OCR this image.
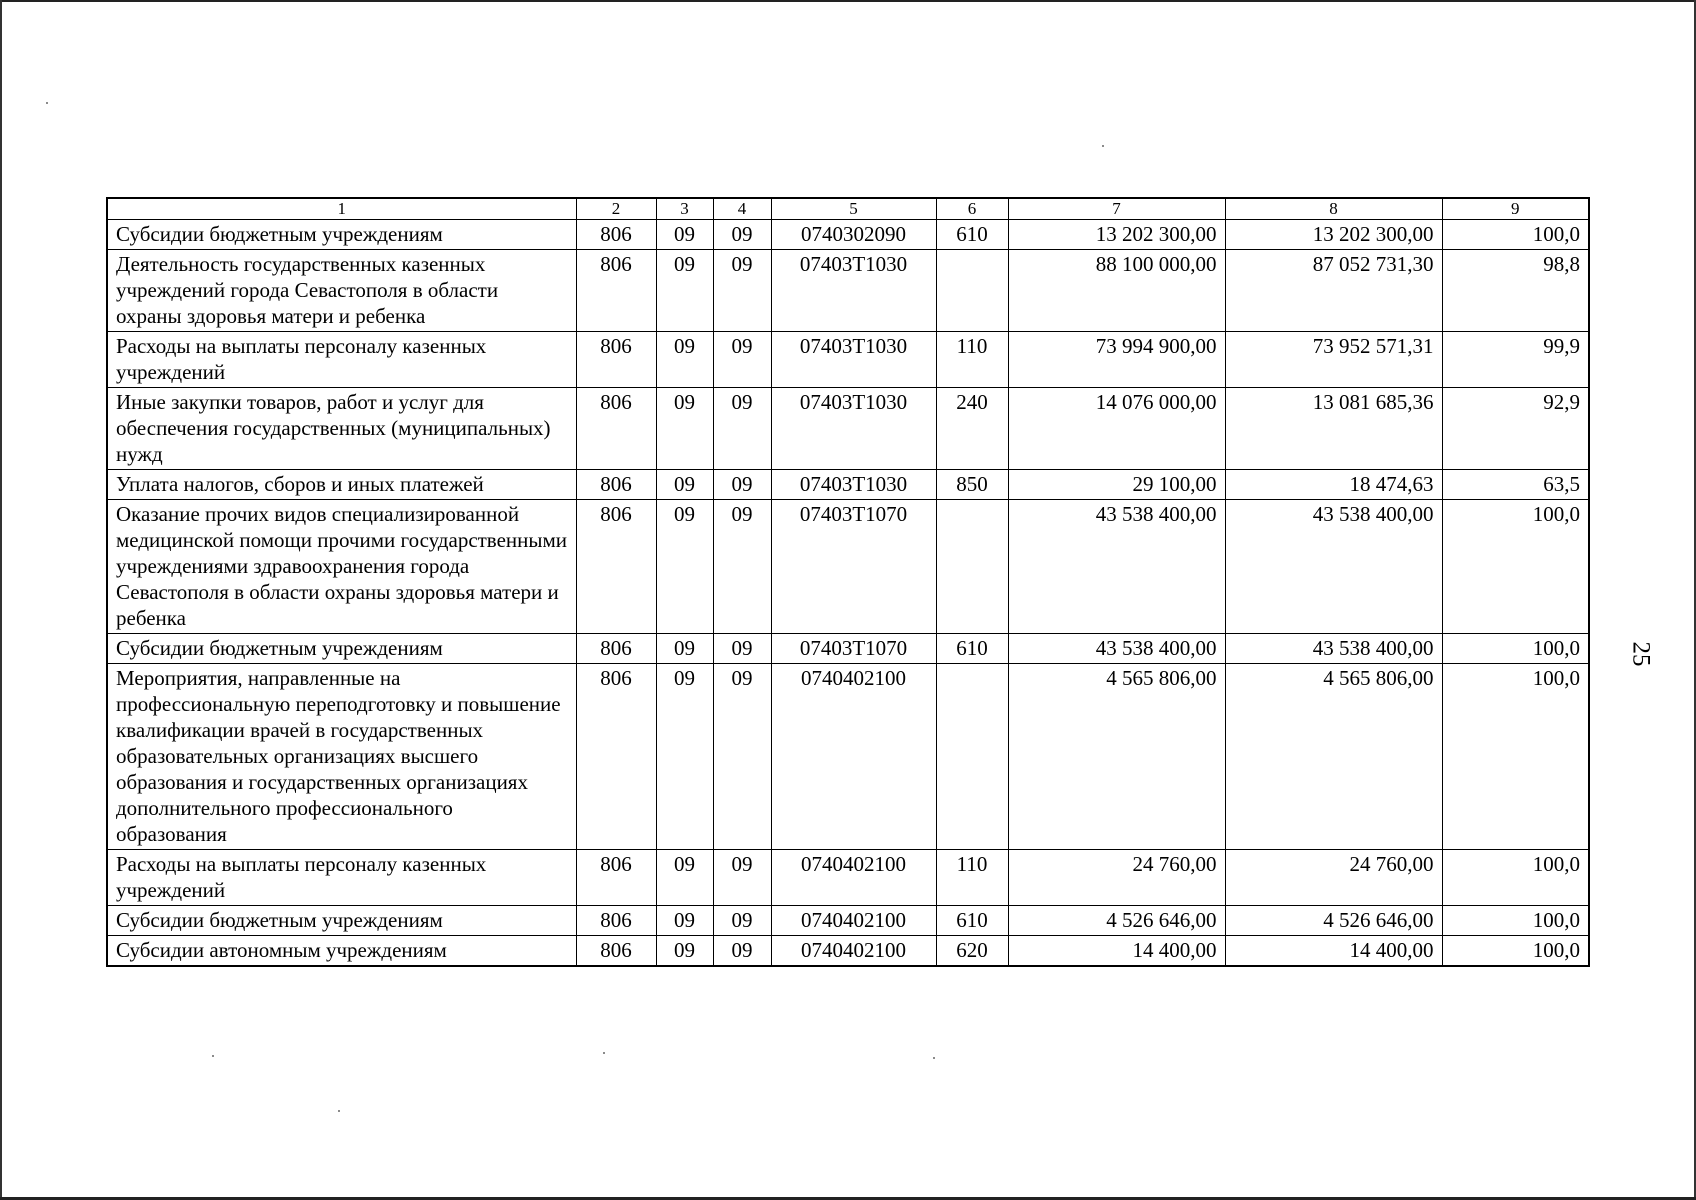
25
1	2	3	4	5	6	7	8	9
Субсидии бюджетным учреждениям	806	09	09	0740302090	610	13 202 300,00	13 202 300,00	100,0
Деятельность государственных казенных учреждений города Севастополя в области охраны здоровья матери и ребенка	806	09	09	07403Т1030		88 100 000,00	87 052 731,30	98,8
Расходы на выплаты персоналу казенных учреждений	806	09	09	07403Т1030	110	73 994 900,00	73 952 571,31	99,9
Иные закупки товаров, работ и услуг для обеспечения государственных (муниципальных) нужд	806	09	09	07403Т1030	240	14 076 000,00	13 081 685,36	92,9
Уплата налогов, сборов и иных платежей	806	09	09	07403Т1030	850	29 100,00	18 474,63	63,5
Оказание прочих видов специализированной медицинской помощи прочими государственными учреждениями здравоохранения города Севастополя в области охраны здоровья матери и ребенка	806	09	09	07403Т1070		43 538 400,00	43 538 400,00	100,0
Субсидии бюджетным учреждениям	806	09	09	07403Т1070	610	43 538 400,00	43 538 400,00	100,0
Мероприятия, направленные на профессиональную переподготовку и повышение квалификации врачей в государственных образовательных организациях высшего образования и государственных организациях дополнительного профессионального образования	806	09	09	0740402100		4 565 806,00	4 565 806,00	100,0
Расходы на выплаты персоналу казенных учреждений	806	09	09	0740402100	110	24 760,00	24 760,00	100,0
Субсидии бюджетным учреждениям	806	09	09	0740402100	610	4 526 646,00	4 526 646,00	100,0
Субсидии автономным учреждениям	806	09	09	0740402100	620	14 400,00	14 400,00	100,0
